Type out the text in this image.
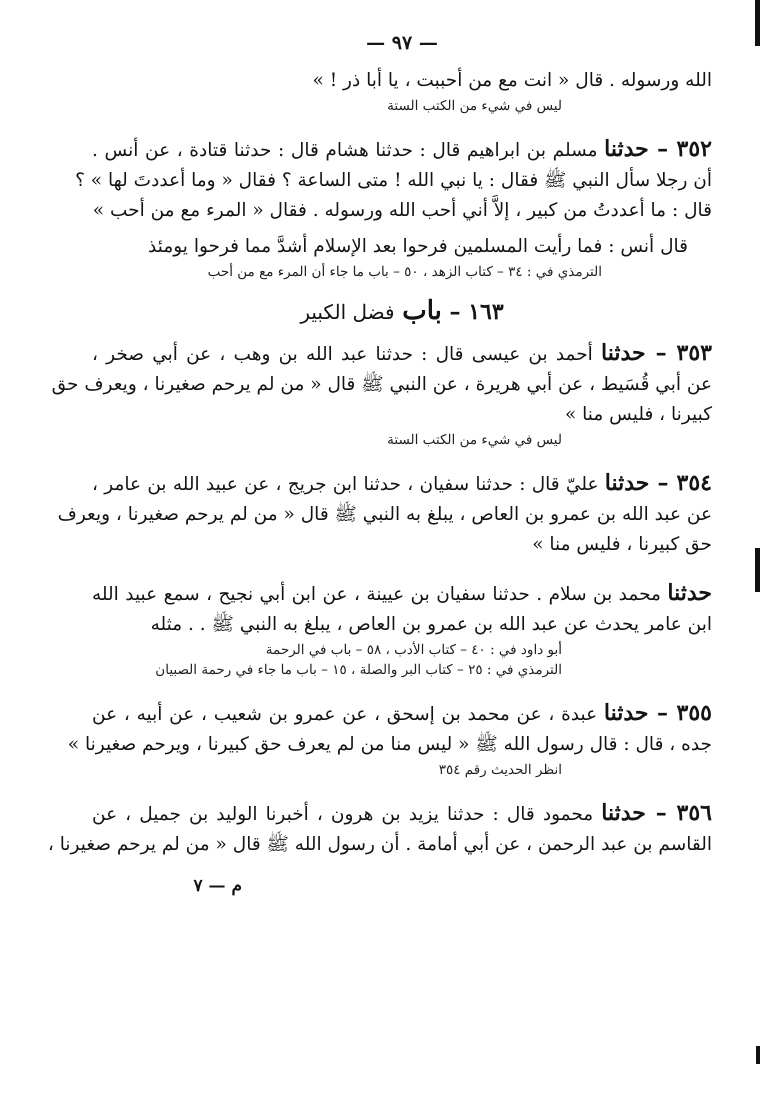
— ٩٧ —
الله ورسوله . قال « انت مع من أحببت ، يا أبا ذر ! »
ليس في شيء من الكتب الستة
٣٥٢ – حدثنا مسلم بن ابراهيم قال : حدثنا هشام قال : حدثنا قتادة ، عن أنس .
أن رجلا سأل النبي ﷺ فقال : يا نبي الله ! متى الساعة ؟ فقال « وما أعددتَ لها » ؟
قال : ما أعددتُ من كبير ، إلاَّ أني أحب الله ورسوله . فقال « المرء مع من أحب »
قال أنس : فما رأيت المسلمين فرحوا بعد الإسلام أشدَّ مما فرحوا يومئذ
الترمذي في : ٣٤ – كتاب الزهد ، ٥٠ – باب ما جاء أن المرء مع من أحب
١٦٣ – باب فضل الكبير
٣٥٣ – حدثنا أحمد بن عيسى قال : حدثنا عبد الله بن وهب ، عن أبي صخر ،
عن أبي قُسَيط ، عن أبي هريرة ، عن النبي ﷺ قال « من لم يرحم صغيرنا ، ويعرف حق
كبيرنا ، فليس منا »
ليس في شيء من الكتب الستة
٣٥٤ – حدثنا عليّ قال : حدثنا سفيان ، حدثنا ابن جريج ، عن عبيد الله بن عامر ،
عن عبد الله بن عمرو بن العاص ، يبلغ به النبي ﷺ قال « من لم يرحم صغيرنا ، ويعرف
حق كبيرنا ، فليس منا »
حدثنا محمد بن سلام . حدثنا سفيان بن عيينة ، عن ابن أبي نجيح ، سمع عبيد الله
ابن عامر يحدث عن عبد الله بن عمرو بن العاص ، يبلغ به النبي ﷺ . . مثله
أبو داود في : ٤٠ – كتاب الأدب ، ٥٨ – باب في الرحمة
الترمذي في : ٢٥ – كتاب البر والصلة ، ١٥ – باب ما جاء في رحمة الصبيان
٣٥٥ – حدثنا عبدة ، عن محمد بن إسحق ، عن عمرو بن شعيب ، عن أبيه ، عن
جده ، قال : قال رسول الله ﷺ « ليس منا من لم يعرف حق كبيرنا ، ويرحم صغيرنا »
انظر الحديث رقم ٣٥٤
٣٥٦ – حدثنا محمود قال : حدثنا يزيد بن هرون ، أخبرنا الوليد بن جميل ، عن
القاسم بن عبد الرحمن ، عن أبي أمامة . أن رسول الله ﷺ قال « من لم يرحم صغيرنا ،
م — ٧
